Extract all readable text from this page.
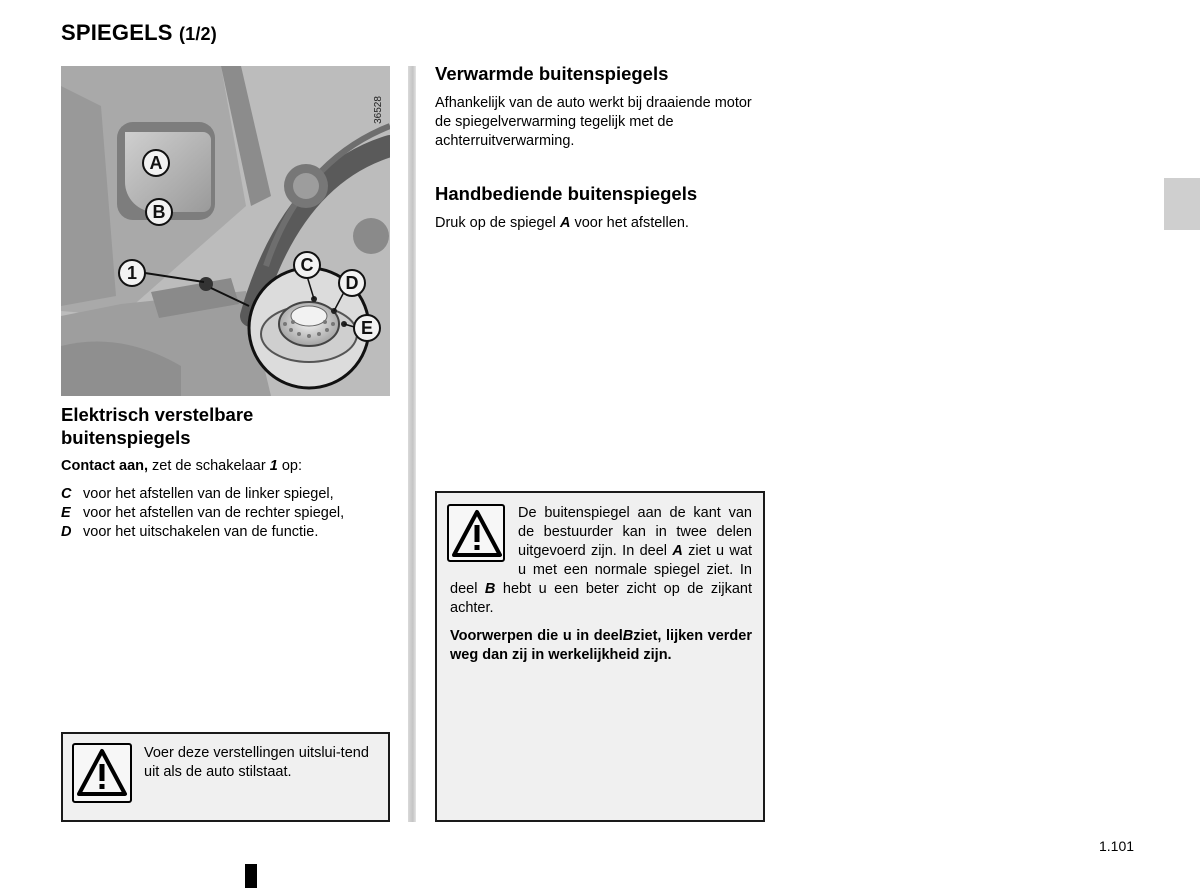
SPIEGELS (1/2)
A
B
1	C
D
E
36528
Elektrisch verstelbare
buitenspiegels

Contact aan, zet de schakelaar 1 op:

C voor het afstellen van de linker spiegel,
E voor het afstellen van de rechter spiegel,
D voor het uitschakelen van de functie.
Voer deze verstellingen uitslui-tend uit als de auto stilstaat.
Verwarmde buitenspiegels

Afhankelijk van de auto werkt bij draaiende motor de spiegelverwarming tegelijk met de achterruitverwarming.

Handbediende buitenspiegels

Druk op de spiegel A voor het afstellen.

De buitenspiegel aan de kant van de bestuurder kan in twee delen uitgevoerd zijn. In deel A ziet u wat u met een normale spiegel ziet. In deel B hebt u een beter zicht op de zijkant achter.
Voorwerpen die u in deelBziet, lijken verder weg dan zij in werkelijkheid zijn.
1.101
